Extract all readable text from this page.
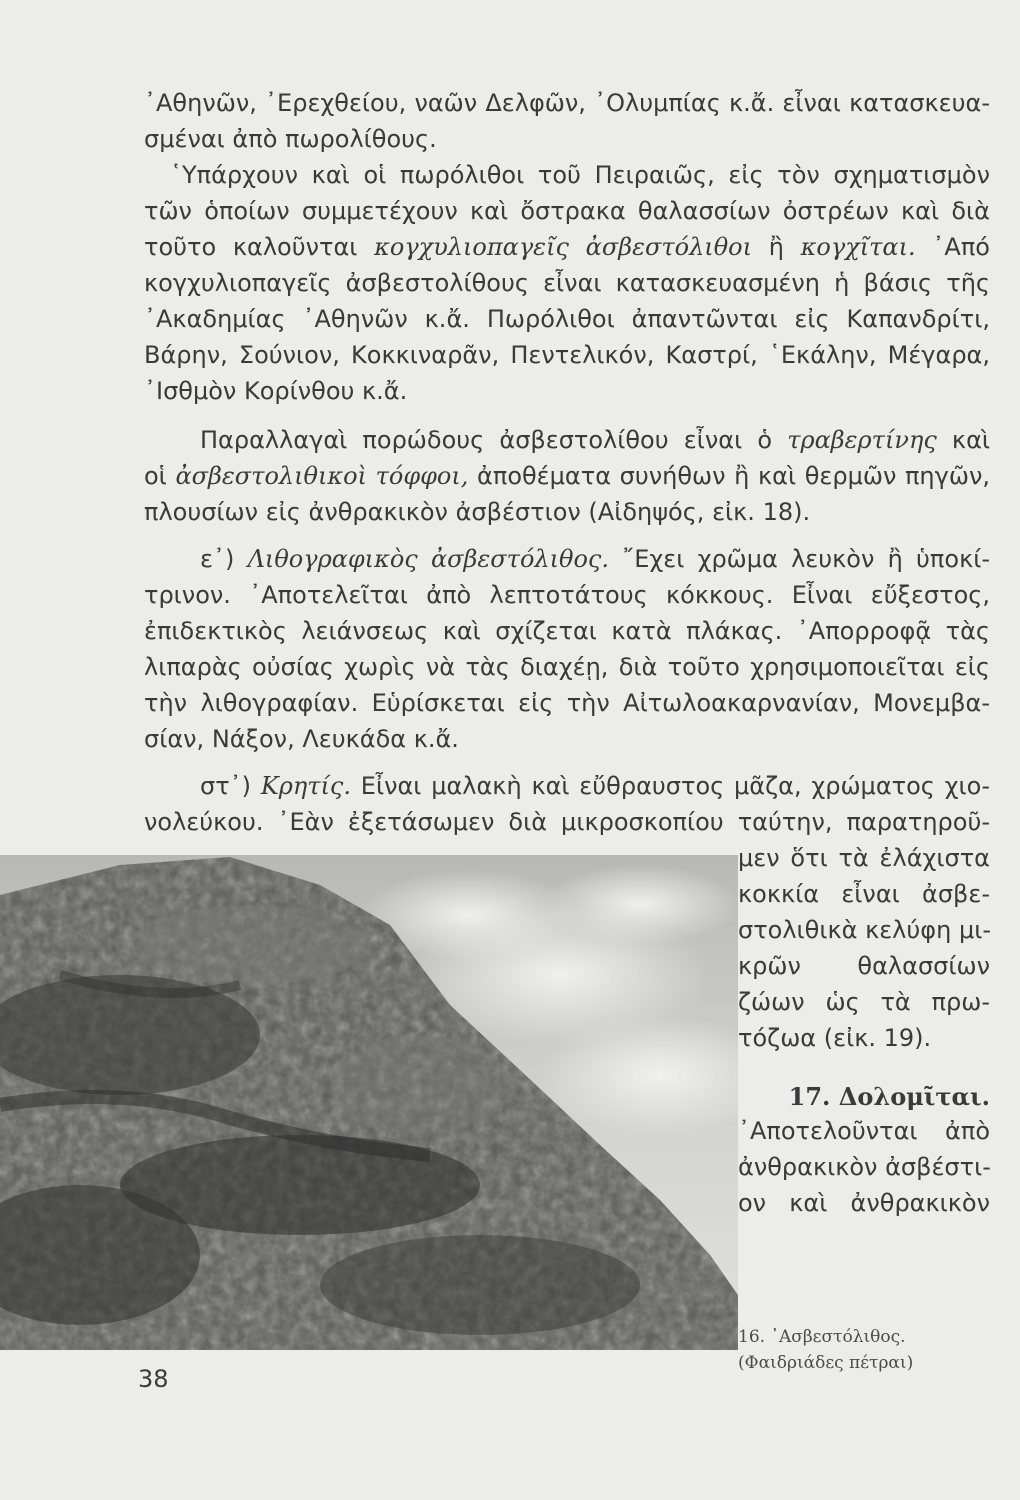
᾿Αθηνῶν, ᾿Ερεχθείου, ναῶν Δελφῶν, ᾿Ολυμπίας κ.ἄ. εἶναι κατασκευα-
σμέναι ἀπὸ πωρολίθους.
῾Υπάρχουν καὶ οἱ πωρόλιθοι τοῦ Πειραιῶς, εἰς τὸν σχηματισμὸν
τῶν ὁποίων συμμετέχουν καὶ ὄστρακα θαλασσίων ὀστρέων καὶ διὰ
τοῦτο καλοῦνται κογχυλιοπαγεῖς ἀσβεστόλιθοι ἢ κογχῖται. ᾿Από
κογχυλιοπαγεῖς ἀσβεστολίθους εἶναι κατασκευασμένη ἡ βάσις τῆς
᾿Ακαδημίας ᾿Αθηνῶν κ.ἄ. Πωρόλιθοι ἀπαντῶνται εἰς Καπανδρίτι,
Βάρην, Σούνιον, Κοκκιναρᾶν, Πεντελικόν, Καστρί, ῾Εκάλην, Μέγαρα,
᾿Ισθμὸν Κορίνθου κ.ἄ.
Παραλλαγαὶ πορώδους ἀσβεστολίθου εἶναι ὁ τραβερτίνης καὶ
οἱ ἀσβεστολιθικοὶ τόφφοι, ἀποθέματα συνήθων ἢ καὶ θερμῶν πηγῶν,
πλουσίων εἰς ἀνθρακικὸν ἀσβέστιον (Αἰδηψός, εἰκ. 18).
ε᾿) Λιθογραφικὸς ἀσβεστόλιθος. ῎Εχει χρῶμα λευκὸν ἢ ὑποκί-
τρινον. ᾿Αποτελεῖται ἀπὸ λεπτοτάτους κόκκους. Εἶναι εὔξεστος,
ἐπιδεκτικὸς λειάνσεως καὶ σχίζεται κατὰ πλάκας. ᾿Απορροφᾷ τὰς
λιπαρὰς οὐσίας χωρὶς νὰ τὰς διαχέῃ, διὰ τοῦτο χρησιμοποιεῖται εἰς
τὴν λιθογραφίαν. Εὑρίσκεται εἰς τὴν Αἰτωλοακαρνανίαν, Μονεμβα-
σίαν, Νάξον, Λευκάδα κ.ἄ.
στ᾿) Κρητίς. Εἶναι μαλακὴ καὶ εὔθραυστος μᾶζα, χρώματος χιο-
νολεύκου. ᾿Εὰν ἐξετάσωμεν διὰ μικροσκοπίου ταύτην, παρατηροῦ-
μεν ὅτι τὰ ἐλάχιστα
κοκκία εἶναι ἀσβε-
στολιθικὰ κελύφη μι-
κρῶν θαλασσίων
ζώων ὡς τὰ πρω-
τόζωα (εἰκ. 19).
17. Δολομῖται.
᾿Αποτελοῦνται ἀπὸ
ἀνθρακικὸν ἀσβέστι-
ον καὶ ἀνθρακικὸν
16. ᾿Ασβεστόλιθος.
(Φαιδριάδες πέτραι)
38
